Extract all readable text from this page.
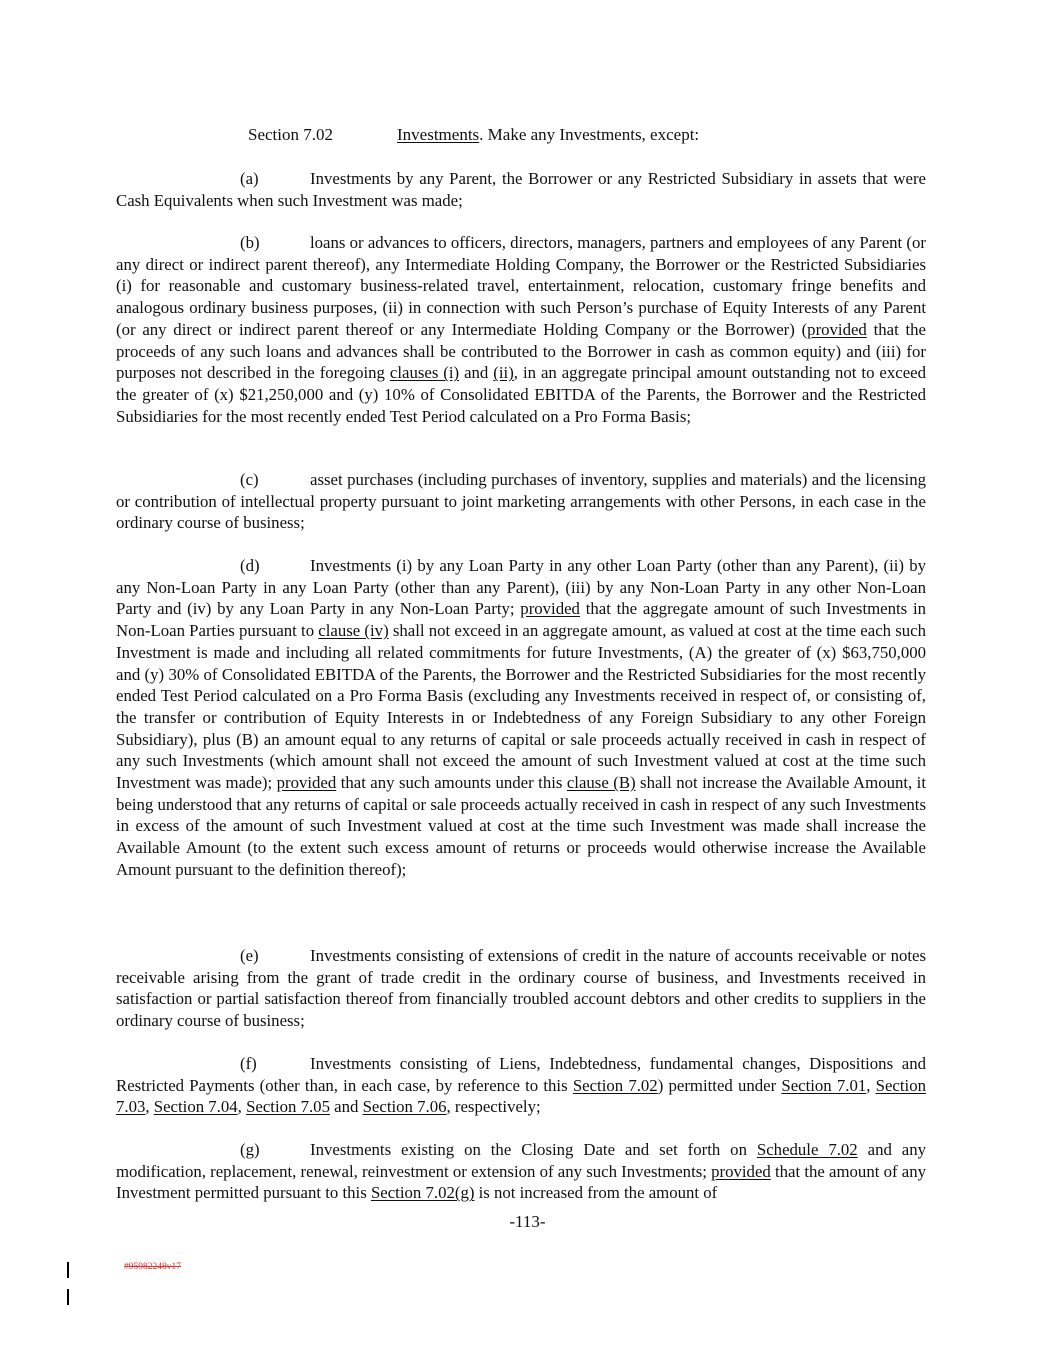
Section 7.02	Investments. Make any Investments, except:
(a)	Investments by any Parent, the Borrower or any Restricted Subsidiary in assets that were Cash Equivalents when such Investment was made;
(b)	loans or advances to officers, directors, managers, partners and employees of any Parent (or any direct or indirect parent thereof), any Intermediate Holding Company, the Borrower or the Restricted Subsidiaries (i) for reasonable and customary business-related travel, entertainment, relocation, customary fringe benefits and analogous ordinary business purposes, (ii) in connection with such Person’s purchase of Equity Interests of any Parent (or any direct or indirect parent thereof or any Intermediate Holding Company or the Borrower) (provided that the proceeds of any such loans and advances shall be contributed to the Borrower in cash as common equity) and (iii) for purposes not described in the foregoing clauses (i) and (ii), in an aggregate principal amount outstanding not to exceed the greater of (x) $21,250,000 and (y) 10% of Consolidated EBITDA of the Parents, the Borrower and the Restricted Subsidiaries for the most recently ended Test Period calculated on a Pro Forma Basis;
(c)	asset purchases (including purchases of inventory, supplies and materials) and the licensing or contribution of intellectual property pursuant to joint marketing arrangements with other Persons, in each case in the ordinary course of business;
(d)	Investments (i) by any Loan Party in any other Loan Party (other than any Parent), (ii) by any Non-Loan Party in any Loan Party (other than any Parent), (iii) by any Non-Loan Party in any other Non-Loan Party and (iv) by any Loan Party in any Non-Loan Party; provided that the aggregate amount of such Investments in Non-Loan Parties pursuant to clause (iv) shall not exceed in an aggregate amount, as valued at cost at the time each such Investment is made and including all related commitments for future Investments, (A) the greater of (x) $63,750,000 and (y) 30% of Consolidated EBITDA of the Parents, the Borrower and the Restricted Subsidiaries for the most recently ended Test Period calculated on a Pro Forma Basis (excluding any Investments received in respect of, or consisting of, the transfer or contribution of Equity Interests in or Indebtedness of any Foreign Subsidiary to any other Foreign Subsidiary), plus (B) an amount equal to any returns of capital or sale proceeds actually received in cash in respect of any such Investments (which amount shall not exceed the amount of such Investment valued at cost at the time such Investment was made); provided that any such amounts under this clause (B) shall not increase the Available Amount, it being understood that any returns of capital or sale proceeds actually received in cash in respect of any such Investments in excess of the amount of such Investment valued at cost at the time such Investment was made shall increase the Available Amount (to the extent such excess amount of returns or proceeds would otherwise increase the Available Amount pursuant to the definition thereof);
(e)	Investments consisting of extensions of credit in the nature of accounts receivable or notes receivable arising from the grant of trade credit in the ordinary course of business, and Investments received in satisfaction or partial satisfaction thereof from financially troubled account debtors and other credits to suppliers in the ordinary course of business;
(f)	Investments consisting of Liens, Indebtedness, fundamental changes, Dispositions and Restricted Payments (other than, in each case, by reference to this Section 7.02) permitted under Section 7.01, Section 7.03, Section 7.04, Section 7.05 and Section 7.06, respectively;
(g)	Investments existing on the Closing Date and set forth on Schedule 7.02 and any modification, replacement, renewal, reinvestment or extension of any such Investments; provided that the amount of any Investment permitted pursuant to this Section 7.02(g) is not increased from the amount of
-113-
#95982248v17
